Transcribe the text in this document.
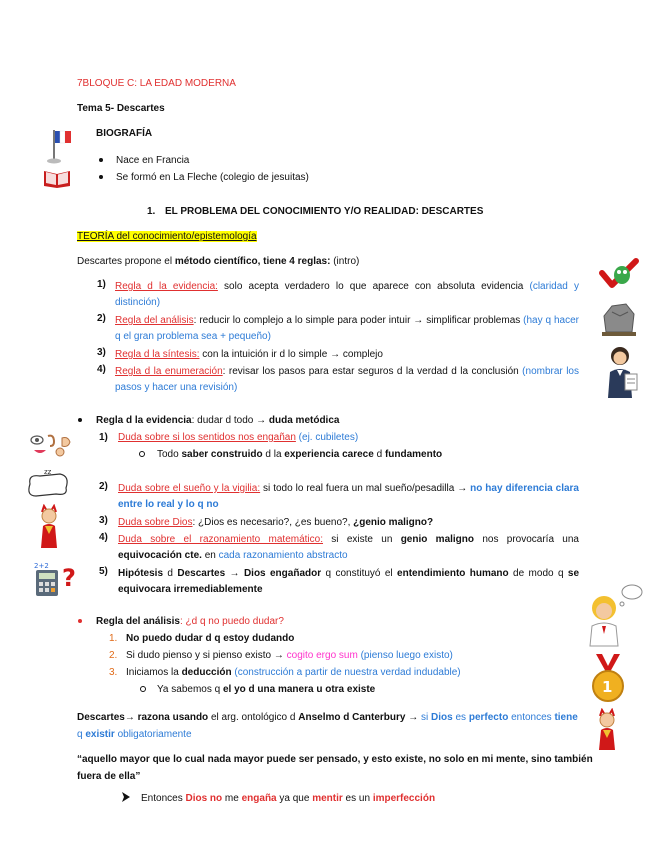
7BLOQUE C: LA EDAD MODERNA
Tema 5- Descartes
BIOGRAFÍA
Nace en Francia
Se formó en La Fleche (colegio de jesuitas)
1. EL PROBLEMA DEL CONOCIMIENTO Y/O REALIDAD: DESCARTES
TEORÍA del conocimiento/epistemología
Descartes propone el método científico, tiene 4 reglas: (intro)
1) Regla d la evidencia: solo acepta verdadero lo que aparece con absoluta evidencia (claridad y distinción)
2) Regla del análisis: reducir lo complejo a lo simple para poder intuir → simplificar problemas (hay q hacer q el gran problema sea + pequeño)
3) Regla d la síntesis: con la intuición ir d lo simple → complejo
4) Regla d la enumeración: revisar los pasos para estar seguros d la verdad d la conclusión (nombrar los pasos y hacer una revisión)
Regla d la evidencia: dudar d todo → duda metódica
1) Duda sobre si los sentidos nos engañan (ej. cubiletes)
Todo saber construido d la experiencia carece d fundamento
2) Duda sobre el sueño y la vigilia: si todo lo real fuera un mal sueño/pesadilla → no hay diferencia clara entre lo real y lo q no
3) Duda sobre Dios: ¿Dios es necesario?, ¿es bueno?, ¿genio maligno?
4) Duda sobre el razonamiento matemático: si existe un genio maligno nos provocaría una equivocación cte. en cada razonamiento abstracto
5) Hipótesis d Descartes → Dios engañador q constituyó el entendimiento humano de modo q se equivocara irremediablemente
zz
2+2 ?
Regla del análisis: ¿d q no puedo dudar?
1. No puedo dudar d q estoy dudando
2. Si dudo pienso y si pienso existo → cogito ergo sum (pienso luego existo)
3. Iniciamos la deducción (construcción a partir de nuestra verdad indudable)
Ya sabemos q el yo d una manera u otra existe	1
Descartes→ razona usando el arg. ontológico d Anselmo d Canterbury → si Dios es perfecto entonces tiene q existir obligatoriamente
“aquello mayor que lo cual nada mayor puede ser pensado, y esto existe, no solo en mi mente, sino también fuera de ella”
Entonces Dios no me engaña ya que mentir es un imperfección
